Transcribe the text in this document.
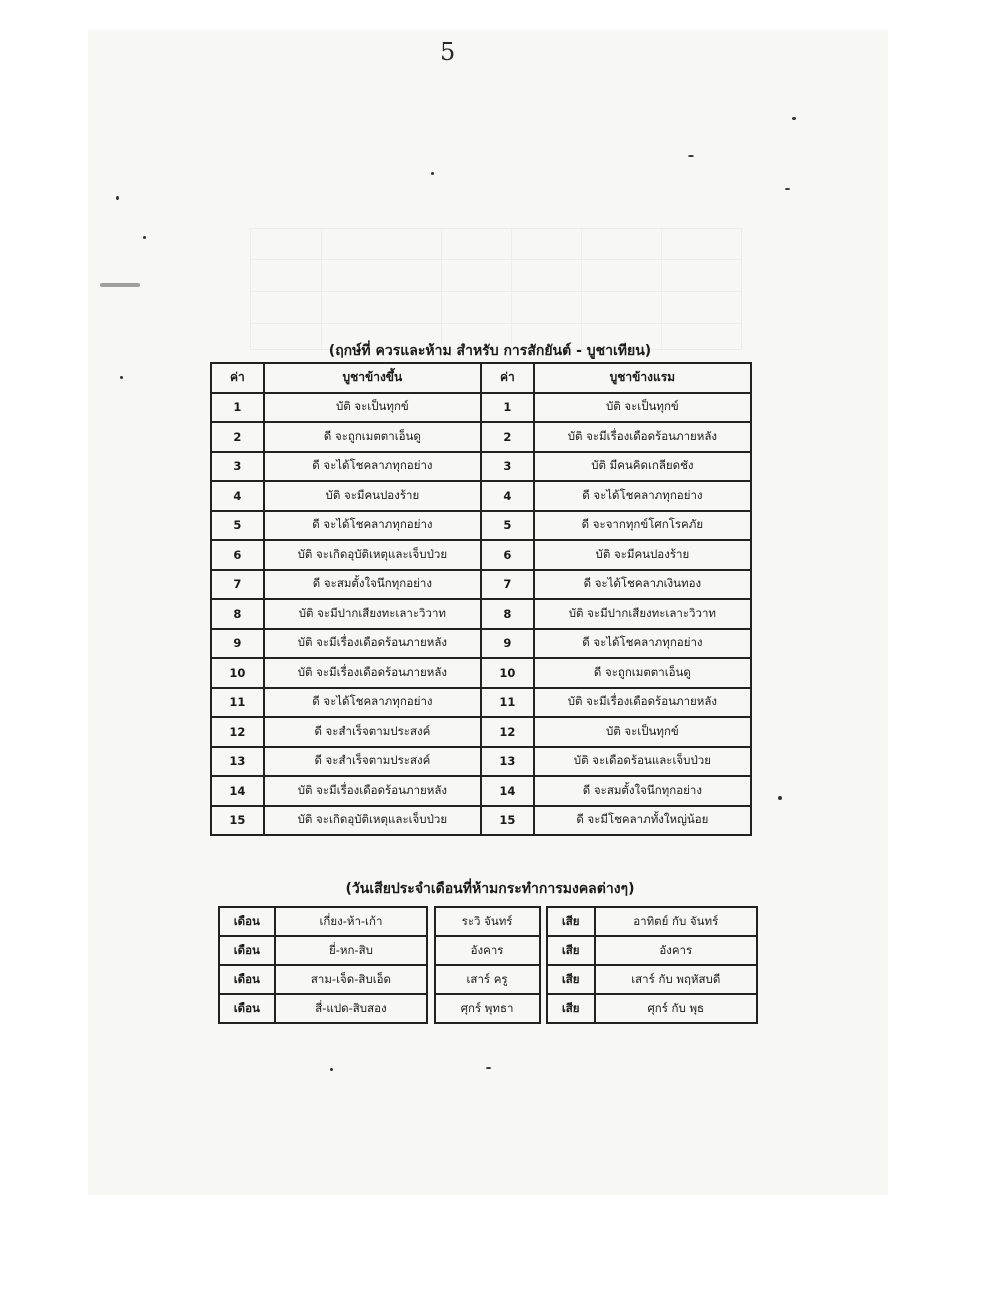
5
(ฤกษ์ที่ ควรและห้าม สำหรับ การสักยันต์ - บูชาเทียน)
ค่า	บูชาข้างขึ้น	ค่า	บูชาข้างแรม
1	บัติ จะเป็นทุกข์	1	บัติ จะเป็นทุกข์
2	ดี จะถูกเมตตาเอ็นดู	2	บัติ จะมีเรื่องเดือดร้อนภายหลัง
3	ดี จะได้โชคลาภทุกอย่าง	3	บัติ มีคนคิดเกลียดชัง
4	บัติ จะมีคนปองร้าย	4	ดี จะได้โชคลาภทุกอย่าง
5	ดี จะได้โชคลาภทุกอย่าง	5	ดี จะจากทุกข์โศกโรคภัย
6	บัติ จะเกิดอุบัติเหตุและเจ็บป่วย	6	บัติ จะมีคนปองร้าย
7	ดี จะสมตั้งใจนึกทุกอย่าง	7	ดี จะได้โชคลาภเงินทอง
8	บัติ จะมีปากเสียงทะเลาะวิวาท	8	บัติ จะมีปากเสียงทะเลาะวิวาท
9	บัติ จะมีเรื่องเดือดร้อนภายหลัง	9	ดี จะได้โชคลาภทุกอย่าง
10	บัติ จะมีเรื่องเดือดร้อนภายหลัง	10	ดี จะถูกเมตตาเอ็นดู
11	ดี จะได้โชคลาภทุกอย่าง	11	บัติ จะมีเรื่องเดือดร้อนภายหลัง
12	ดี จะสำเร็จตามประสงค์	12	บัติ จะเป็นทุกข์
13	ดี จะสำเร็จตามประสงค์	13	บัติ จะเดือดร้อนและเจ็บป่วย
14	บัติ จะมีเรื่องเดือดร้อนภายหลัง	14	ดี จะสมตั้งใจนึกทุกอย่าง
15	บัติ จะเกิดอุบัติเหตุและเจ็บป่วย	15	ดี จะมีโชคลาภทั้งใหญ่น้อย
(วันเสียประจำเดือนที่ห้ามกระทำการมงคลต่างๆ)
เดือน	เกี่ยง-ห้า-เก้า		ระวิ จันทร์		เสีย	อาทิตย์ กับ จันทร์
เดือน	ยี่-หก-สิบ		อังคาร		เสีย	อังคาร
เดือน	สาม-เจ็ด-สิบเอ็ด		เสาร์ ครู		เสีย	เสาร์ กับ พฤหัสบดี
เดือน	สี่-แปด-สิบสอง		ศุกร์ พุทธา		เสีย	ศุกร์ กับ พุธ
